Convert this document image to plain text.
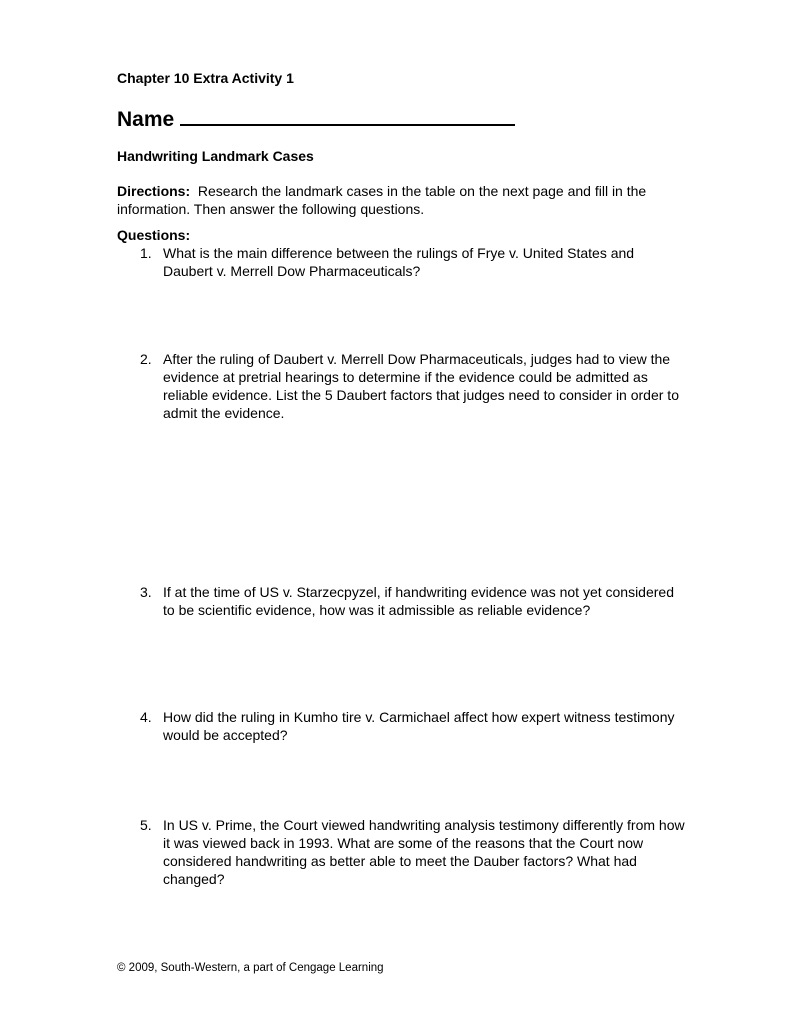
Chapter 10 Extra Activity 1
Name
Handwriting Landmark Cases
Directions: Research the landmark cases in the table on the next page and fill in the information. Then answer the following questions.
Questions:
1. What is the main difference between the rulings of Frye v. United States and Daubert v. Merrell Dow Pharmaceuticals?
2. After the ruling of Daubert v. Merrell Dow Pharmaceuticals, judges had to view the evidence at pretrial hearings to determine if the evidence could be admitted as reliable evidence. List the 5 Daubert factors that judges need to consider in order to admit the evidence.
3. If at the time of US v. Starzecpyzel, if handwriting evidence was not yet considered to be scientific evidence, how was it admissible as reliable evidence?
4. How did the ruling in Kumho tire v. Carmichael affect how expert witness testimony would be accepted?
5. In US v. Prime, the Court viewed handwriting analysis testimony differently from how it was viewed back in 1993. What are some of the reasons that the Court now considered handwriting as better able to meet the Dauber factors? What had changed?
© 2009, South-Western, a part of Cengage Learning
